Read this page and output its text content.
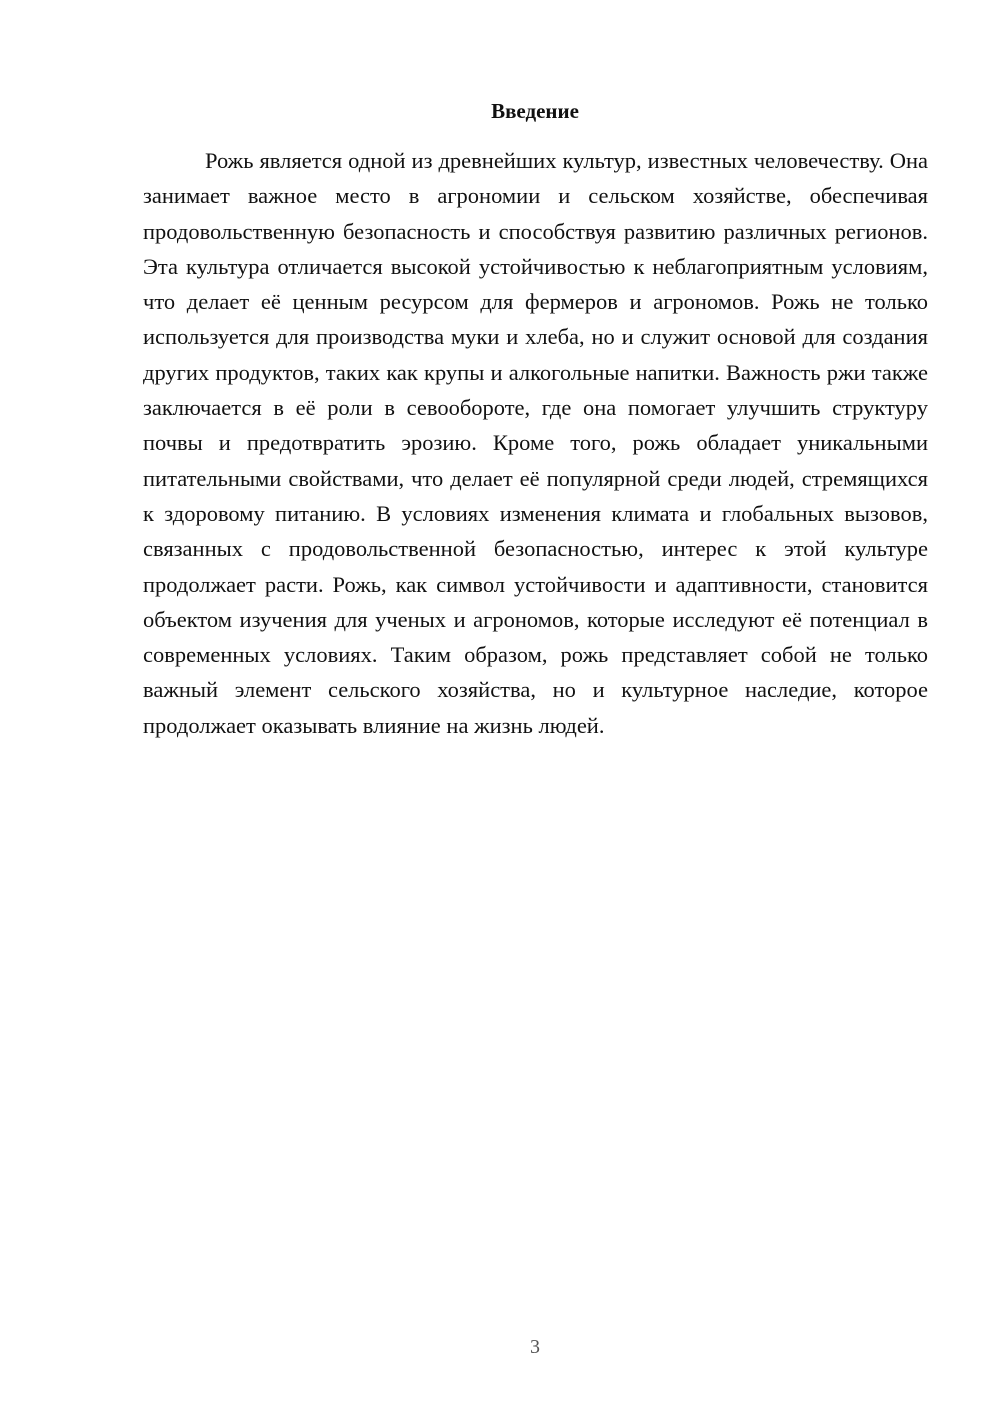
Введение

Рожь является одной из древнейших культур, известных человечеству. Она занимает важное место в агрономии и сельском хозяйстве, обеспечивая продовольственную безопасность и способствуя развитию различных регионов. Эта культура отличается высокой устойчивостью к неблагоприятным условиям, что делает её ценным ресурсом для фермеров и агрономов. Рожь не только используется для производства муки и хлеба, но и служит основой для создания других продуктов, таких как крупы и алкогольные напитки. Важность ржи также заключается в её роли в севообороте, где она помогает улучшить структуру почвы и предотвратить эрозию. Кроме того, рожь обладает уникальными питательными свойствами, что делает её популярной среди людей, стремящихся к здоровому питанию. В условиях изменения климата и глобальных вызовов, связанных с продовольственной безопасностью, интерес к этой культуре продолжает расти. Рожь, как символ устойчивости и адаптивности, становится объектом изучения для ученых и агрономов, которые исследуют её потенциал в современных условиях. Таким образом, рожь представляет собой не только важный элемент сельского хозяйства, но и культурное наследие, которое продолжает оказывать влияние на жизнь людей.

3
